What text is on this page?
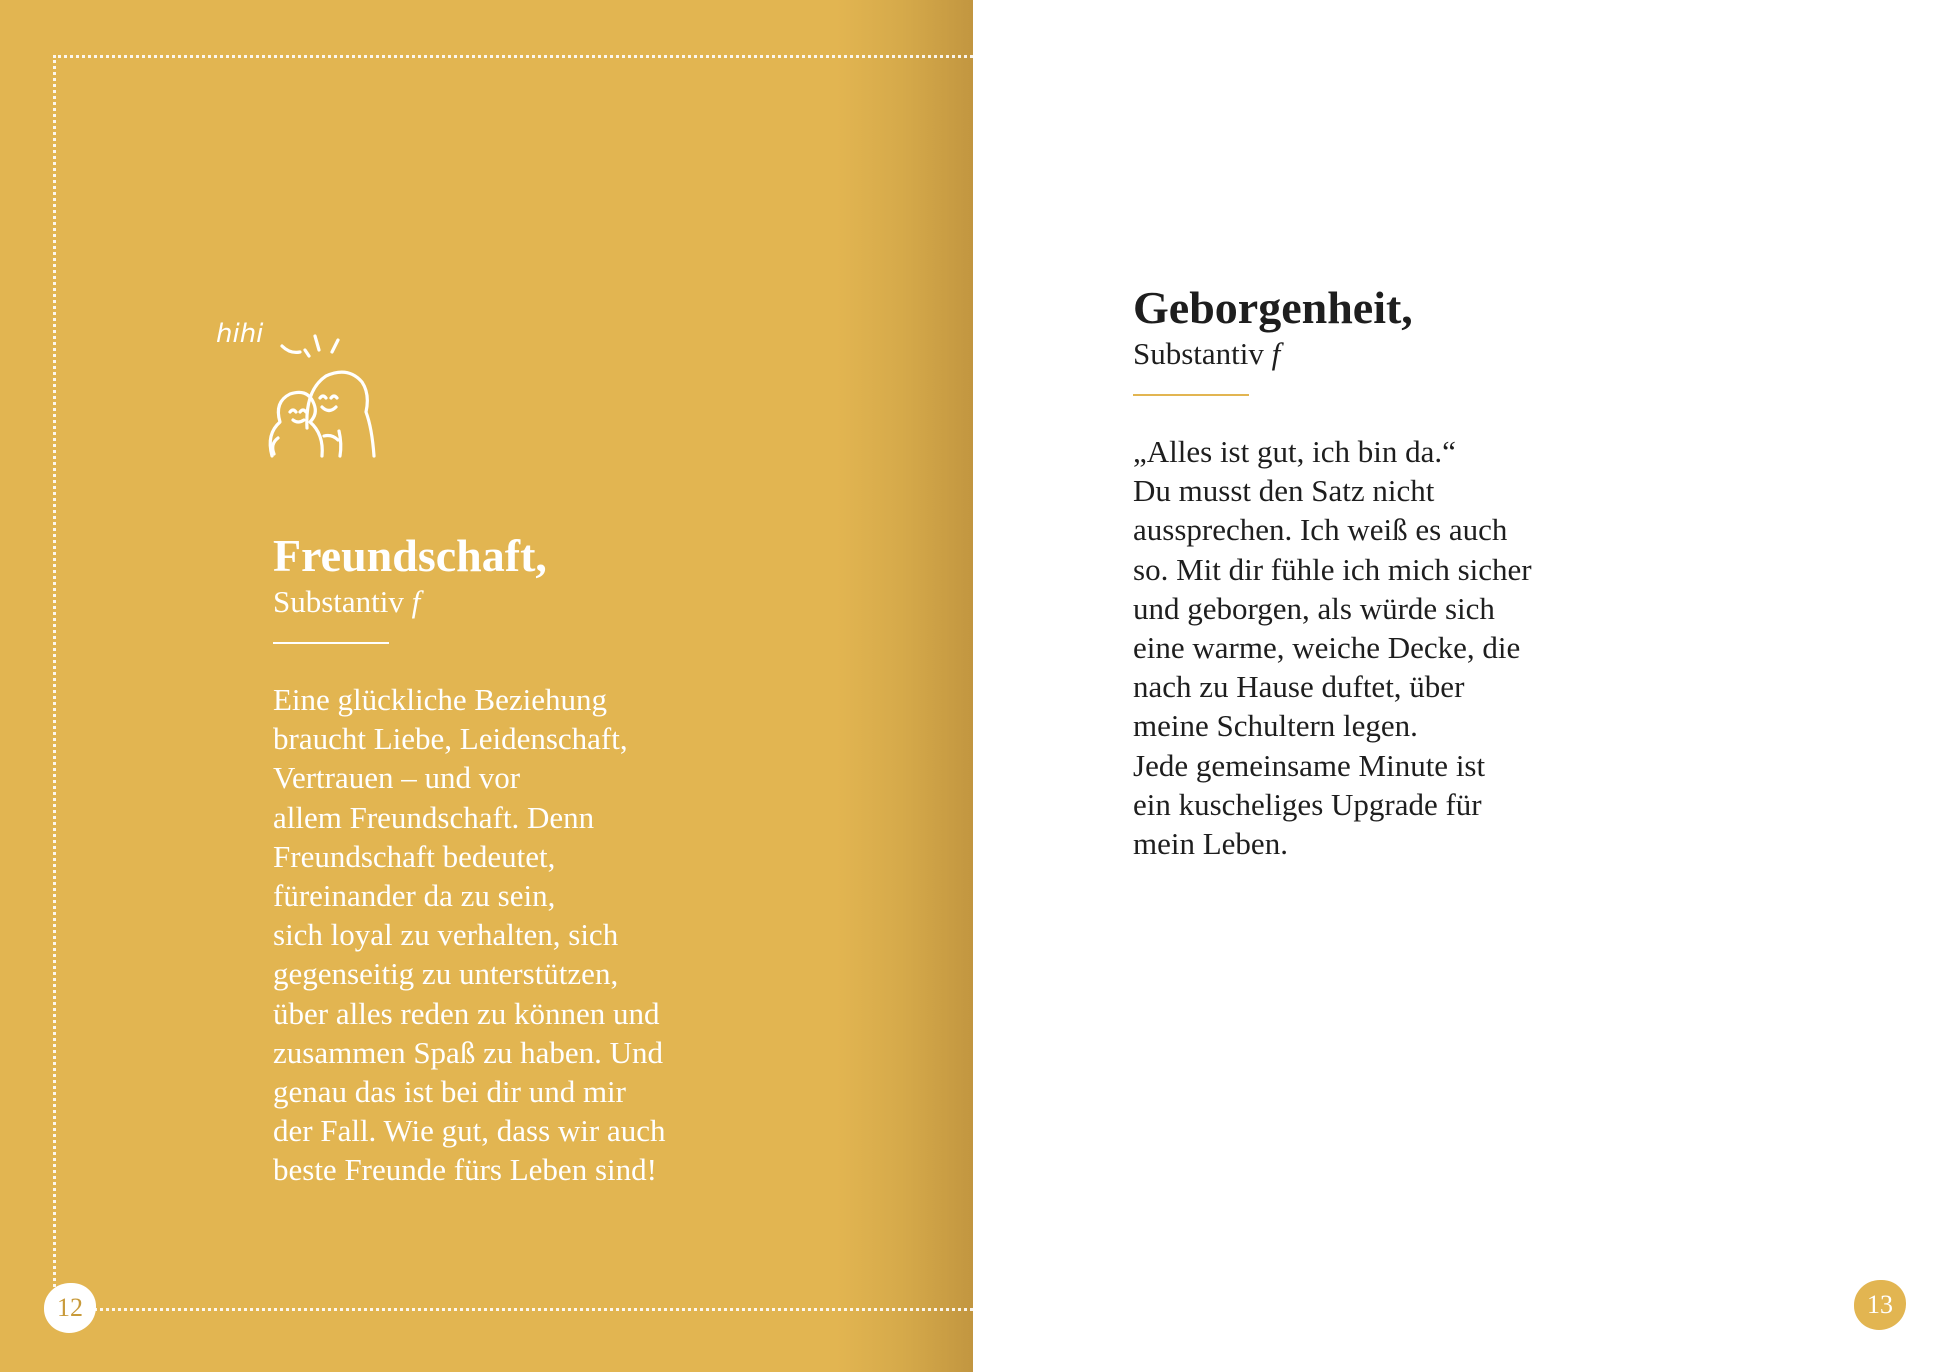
hihi
Freundschaft,

Substantiv f

Eine glückliche Beziehung
braucht Liebe, Leidenschaft,
Vertrauen – und vor
allem Freundschaft. Denn
Freundschaft bedeutet,
füreinander da zu sein,
sich loyal zu verhalten, sich
gegenseitig zu unterstützen,
über alles reden zu können und
zusammen Spaß zu haben. Und
genau das ist bei dir und mir
der Fall. Wie gut, dass wir auch
beste Freunde fürs Leben sind!

12
Geborgenheit,

Substantiv f

„Alles ist gut, ich bin da.“
Du musst den Satz nicht
aussprechen. Ich weiß es auch
so. Mit dir fühle ich mich sicher
und geborgen, als würde sich
eine warme, weiche Decke, die
nach zu Hause duftet, über
meine Schultern legen.
Jede gemeinsame Minute ist
ein kuscheliges Upgrade für
mein Leben.

13
